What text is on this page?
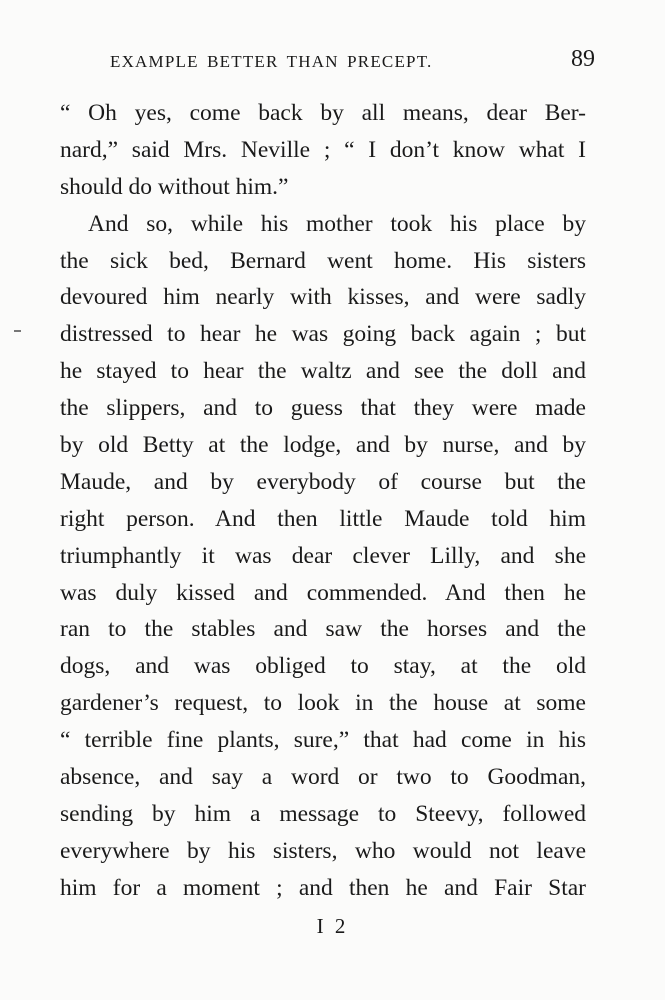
EXAMPLE BETTER THAN PRECEPT.	89
“ Oh yes, come back by all means, dear Ber-
nard,” said Mrs. Neville ; “ I don’t know what I
should do without him.”
And so, while his mother took his place by
the sick bed, Bernard went home. His sisters
devoured him nearly with kisses, and were sadly
distressed to hear he was going back again ; but
he stayed to hear the waltz and see the doll and
the slippers, and to guess that they were made
by old Betty at the lodge, and by nurse, and by
Maude, and by everybody of course but the
right person. And then little Maude told him
triumphantly it was dear clever Lilly, and she
was duly kissed and commended. And then he
ran to the stables and saw the horses and the
dogs, and was obliged to stay, at the old
gardener’s request, to look in the house at some
“ terrible fine plants, sure,” that had come in his
absence, and say a word or two to Goodman,
sending by him a message to Steevy, followed
everywhere by his sisters, who would not leave
him for a moment ; and then he and Fair Star
I 2
